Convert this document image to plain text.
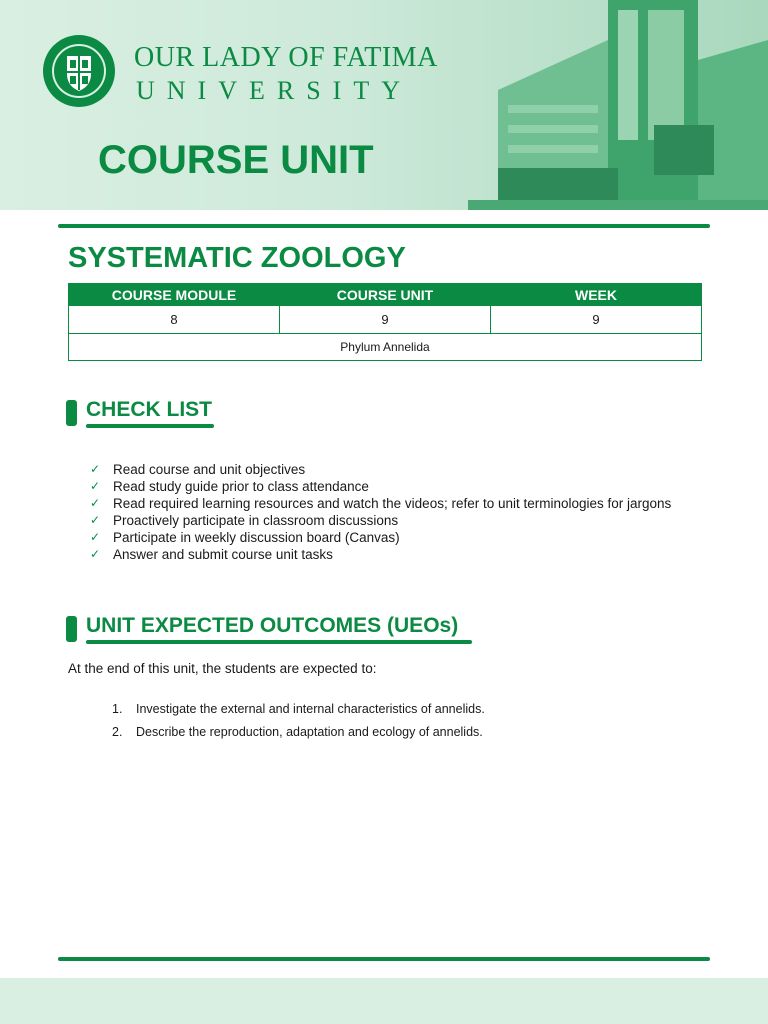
OUR LADY OF FATIMA
UNIVERSITY
COURSE UNIT
SYSTEMATIC ZOOLOGY
COURSE MODULE	COURSE UNIT	WEEK
8	9	9
Phylum Annelida		
CHECK LIST
✓ Read course and unit objectives
✓ Read study guide prior to class attendance
✓ Read required learning resources and watch the videos; refer to unit terminologies for jargons
✓ Proactively participate in classroom discussions
✓ Participate in weekly discussion board (Canvas)
✓ Answer and submit course unit tasks
UNIT EXPECTED OUTCOMES (UEOs)
At the end of this unit, the students are expected to:
1. Investigate the external and internal characteristics of annelids.
2. Describe the reproduction, adaptation and ecology of annelids.
